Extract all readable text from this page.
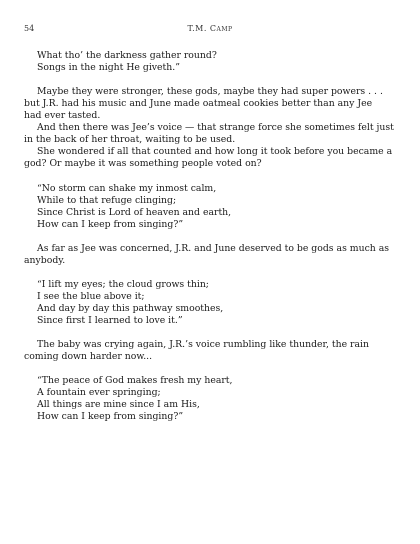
54	T.M. Camp
What tho’ the darkness gather round?
Songs in the night He giveth.”
Maybe they were stronger, these gods, maybe they had super powers . . .
but J.R. had his music and June made oatmeal cookies better than any Jee
had ever tasted.
And then there was Jee’s voice — that strange force she sometimes felt just
in the back of her throat, waiting to be used.
She wondered if all that counted and how long it took before you became a
god? Or maybe it was something people voted on?
“No storm can shake my inmost calm,
While to that refuge clinging;
Since Christ is Lord of heaven and earth,
How can I keep from singing?”
As far as Jee was concerned, J.R. and June deserved to be gods as much as
anybody.
“I lift my eyes; the cloud grows thin;
I see the blue above it;
And day by day this pathway smoothes,
Since first I learned to love it.”
The baby was crying again, J.R.’s voice rumbling like thunder, the rain
coming down harder now...
“The peace of God makes fresh my heart,
A fountain ever springing;
All things are mine since I am His,
How can I keep from singing?”
